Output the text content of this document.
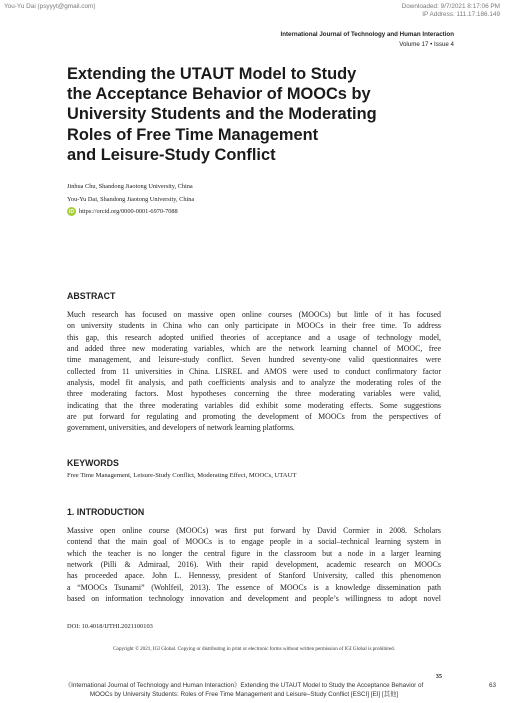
You-Yu Dai (psyyyt@gmail.com)	Downloaded: 9/7/2021 8:17:06 PM
IP Address: 111.17.186.149
International Journal of Technology and Human Interaction
Volume 17 • Issue 4
Extending the UTAUT Model to Study
the Acceptance Behavior of MOOCs by
University Students and the Moderating
Roles of Free Time Management
and Leisure-Study Conflict
Jinhua Chu, Shandong Jiaotong University, China
You-Yu Dai, Shandong Jiaotong University, China
iD https://orcid.org/0000-0001-6970-7088
ABSTRACT
Much research has focused on massive open online courses (MOOCs) but little of it has focused
on university students in China who can only participate in MOOCs in their free time. To address
this gap, this research adopted unified theories of acceptance and a usage of technology model,
and added three new moderating variables, which are the network learning channel of MOOC, free
time management, and leisure-study conflict. Seven hundred seventy-one valid questionnaires were
collected from 11 universities in China. LISREL and AMOS were used to conduct confirmatory factor
analysis, model fit analysis, and path coefficients analysis and to analyze the moderating roles of the
three moderating factors. Most hypotheses concerning the three moderating variables were valid,
indicating that the three moderating variables did exhibit some moderating effects. Some suggestions
are put forward for regulating and promoting the development of MOOCs from the perspectives of
government, universities, and developers of network learning platforms.
KEYWORDS
Free Time Management, Leisure-Study Conflict, Moderating Effect, MOOCs, UTAUT
1. INTRODUCTION
Massive open online course (MOOCs) was first put forward by David Cormier in 2008. Scholars
contend that the main goal of MOOCs is to engage people in a social–technical learning system in
which the teacher is no longer the central figure in the classroom but a node in a larger learning
network (Pilli & Admiraal, 2016). With their rapid development, academic research on MOOCs
has proceeded apace. John L. Hennessy, president of Stanford University, called this phenomenon
a “MOOCs Tsunami” (Wohlfeil, 2013). The essence of MOOCs is a knowledge dissemination path
based on information technology innovation and development and people’s willingness to adopt novel
DOI: 10.4018/IJTHI.2021100103
Copyright © 2021, IGI Global. Copying or distributing in print or electronic forms without written permission of IGI Global is prohibited.
35
《International Journal of Technology and Human Interaction》Extending the UTAUT Model to Study the Acceptance Behavior of
MOOCs by University Students: Roles of Free Time Management and Leisure–Study Conflict [ESCI] [EI] [其他]
63
